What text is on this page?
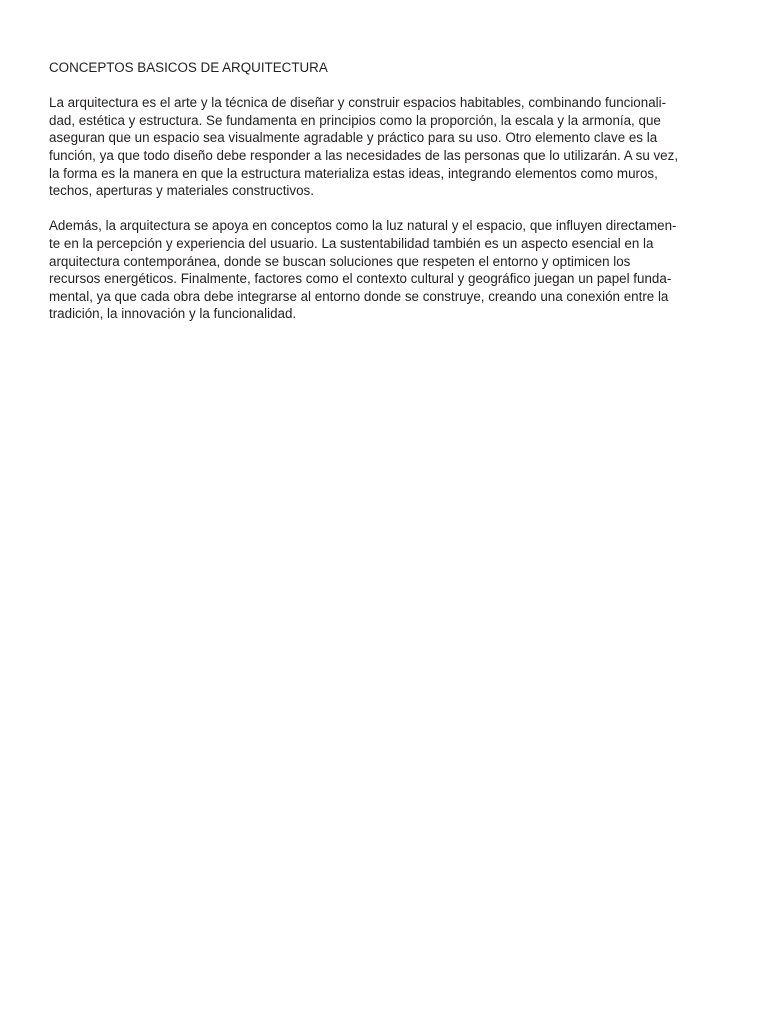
CONCEPTOS BASICOS DE ARQUITECTURA

La arquitectura es el arte y la técnica de diseñar y construir espacios habitables, combinando funcionali-
dad, estética y estructura. Se fundamenta en principios como la proporción, la escala y la armonía, que
aseguran que un espacio sea visualmente agradable y práctico para su uso. Otro elemento clave es la
función, ya que todo diseño debe responder a las necesidades de las personas que lo utilizarán. A su vez,
la forma es la manera en que la estructura materializa estas ideas, integrando elementos como muros,
techos, aperturas y materiales constructivos.

Además, la arquitectura se apoya en conceptos como la luz natural y el espacio, que influyen directamen-
te en la percepción y experiencia del usuario. La sustentabilidad también es un aspecto esencial en la
arquitectura contemporánea, donde se buscan soluciones que respeten el entorno y optimicen los
recursos energéticos. Finalmente, factores como el contexto cultural y geográfico juegan un papel funda-
mental, ya que cada obra debe integrarse al entorno donde se construye, creando una conexión entre la
tradición, la innovación y la funcionalidad.
